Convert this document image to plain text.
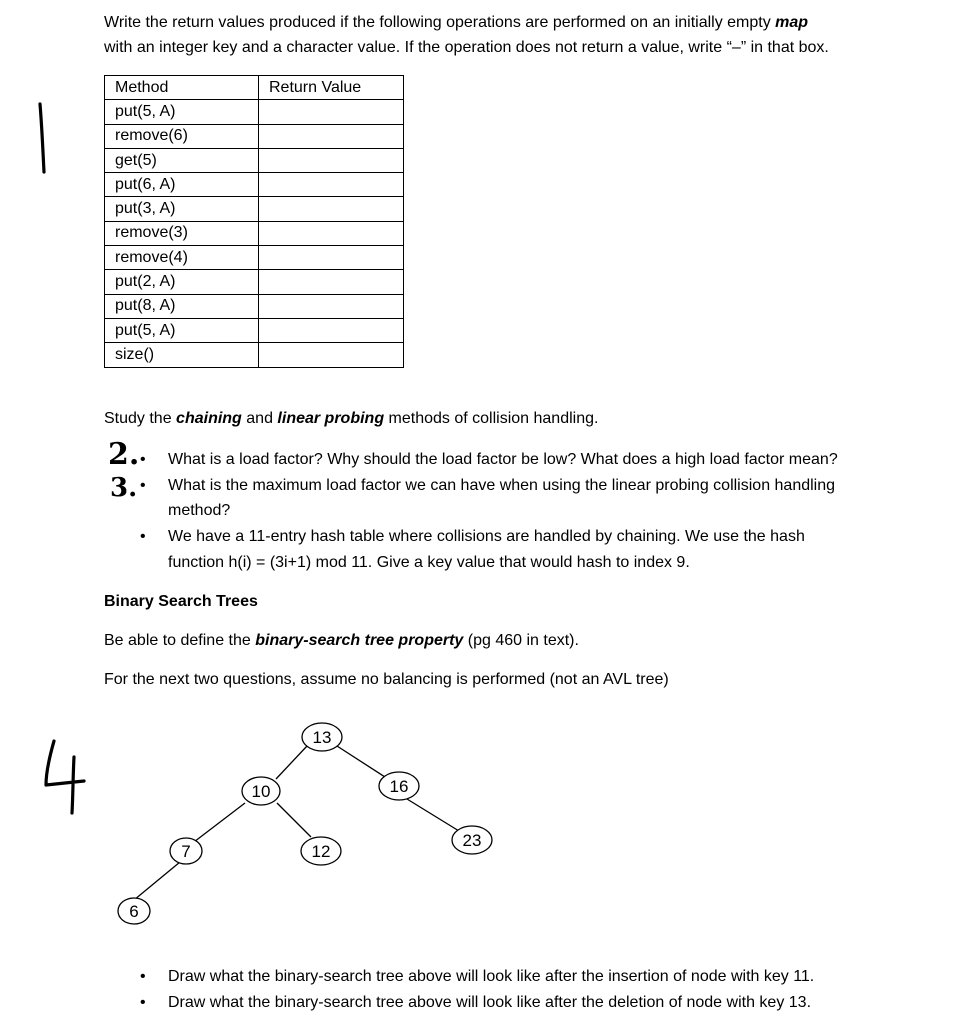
Write the return values produced if the following operations are performed on an initially empty map

with an integer key and a character value. If the operation does not return a value, write “–” in that box.

Method	Return Value
put(5, A)	
remove(6)	
get(5)	
put(6, A)	
put(3, A)	
remove(3)	
remove(4)	
put(2, A)	
put(8, A)	
put(5, A)	
size()	

Study the chaining and linear probing methods of collision handling.

2.
3.
• What is a load factor? Why should the load factor be low? What does a high load factor mean?

• What is the maximum load factor we can have when using the linear probing collision handling

method?

• We have a 11-entry hash table where collisions are handled by chaining. We use the hash

function h(i) = (3i+1) mod 11. Give a key value that would hash to index 9.

Binary Search Trees

Be able to define the binary-search tree property (pg 460 in text).

For the next two questions, assume no balancing is performed (not an AVL tree)

13
10	16
7	12
23
6
• Draw what the binary-search tree above will look like after the insertion of node with key 11.

• Draw what the binary-search tree above will look like after the deletion of node with key 13.
